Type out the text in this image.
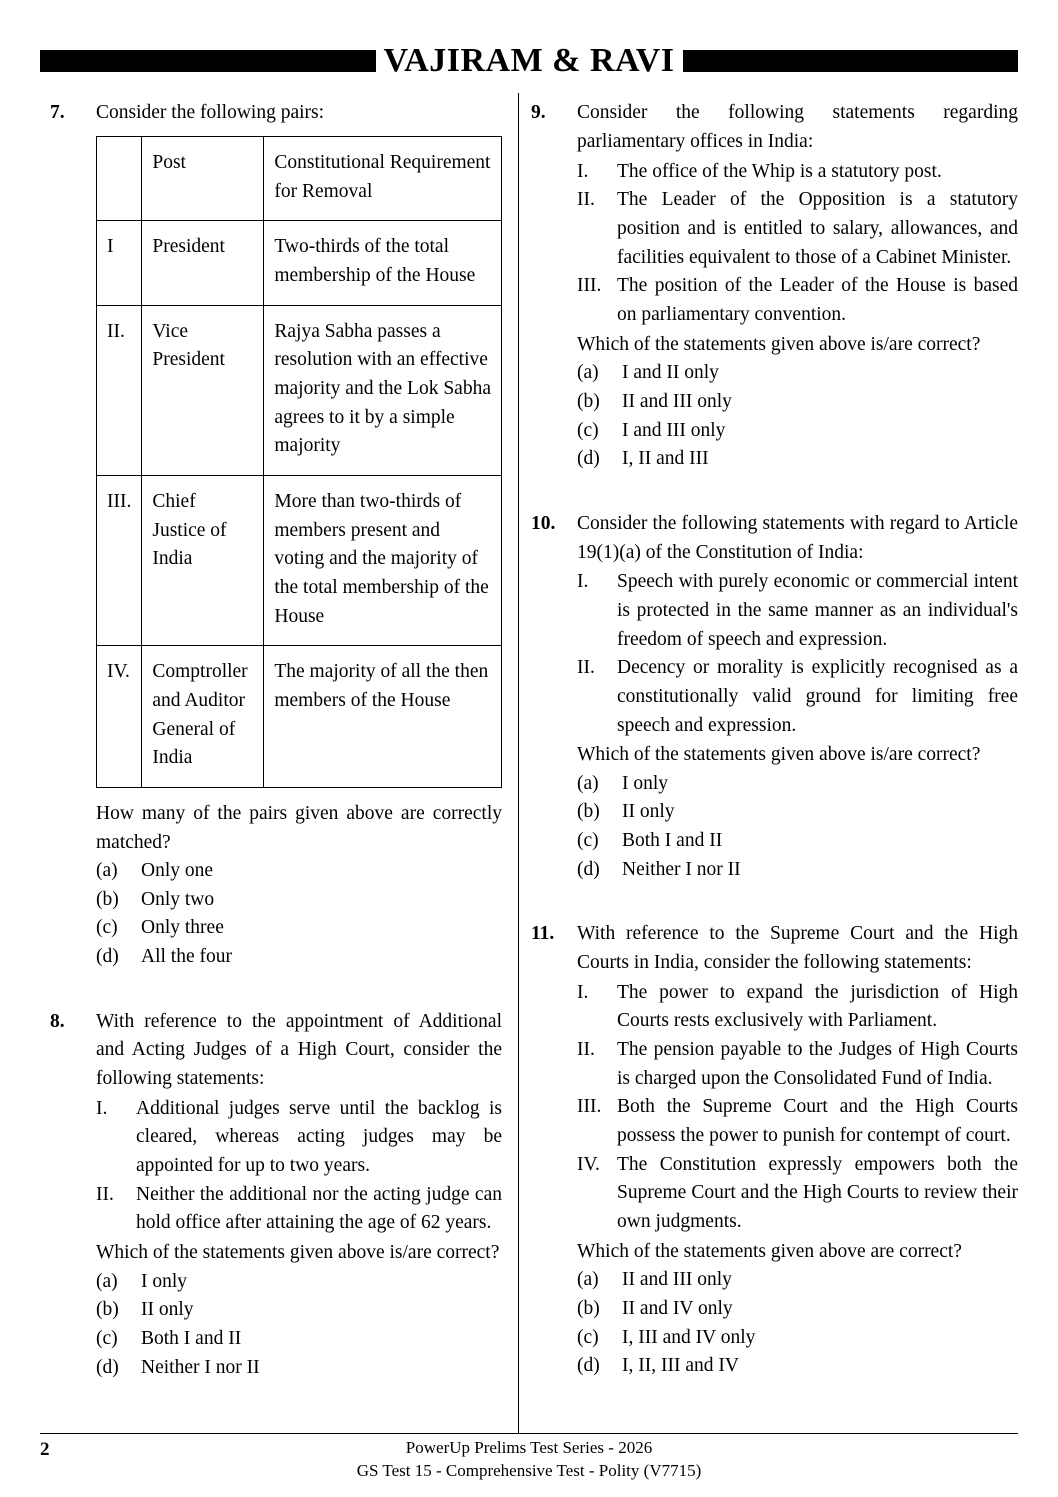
VAJIRAM & RAVI
7.	Consider the following pairs:

	Post	Constitutional Requirement for Removal
I	President	Two-thirds of the total membership of the House
II.	Vice President	Rajya Sabha passes a resolution with an effective majority and the Lok Sabha agrees to it by a simple majority
III.	Chief Justice of India	More than two-thirds of members present and voting and the majority of the total membership of the House
IV.	Comptroller and Auditor General of India	The majority of all the then members of the House

How many of the pairs given above are correctly matched?

(a)	Only one
(b)	Only two
(c)	Only three
(d)	All the four
8.	With reference to the appointment of Additional and Acting Judges of a High Court, consider the following statements:

I.	Additional judges serve until the backlog is cleared, whereas acting judges may be appointed for up to two years.
II.	Neither the additional nor the acting judge can hold office after attaining the age of 62 years.

Which of the statements given above is/are correct?

(a)	I only
(b)	II only
(c)	Both I and II
(d)	Neither I nor II
9.	Consider the following statements regarding parliamentary offices in India:

I.	The office of the Whip is a statutory post.
II.	The Leader of the Opposition is a statutory position and is entitled to salary, allowances, and facilities equivalent to those of a Cabinet Minister.
III. The position of the Leader of the House is based on parliamentary convention.

Which of the statements given above is/are correct?

(a)	I and II only
(b)	II and III only
(c)	I and III only
(d)	I, II and III
10.	Consider the following statements with regard to Article 19(1)(a) of the Constitution of India:

I.	Speech with purely economic or commercial intent is protected in the same manner as an individual's freedom of speech and expression.
II.	Decency or morality is explicitly recognised as a constitutionally valid ground for limiting free speech and expression.

Which of the statements given above is/are correct?

(a)	I only
(b)	II only
(c)	Both I and II
(d)	Neither I nor II
11.	With reference to the Supreme Court and the High Courts in India, consider the following statements:

I.	The power to expand the jurisdiction of High Courts rests exclusively with Parliament.
II.	The pension payable to the Judges of High Courts is charged upon the Consolidated Fund of India.
III. Both the Supreme Court and the High Courts possess the power to punish for contempt of court.
IV. The Constitution expressly empowers both the Supreme Court and the High Courts to review their own judgments.

Which of the statements given above are correct?

(a)	II and III only
(b)	II and IV only
(c)	I, III and IV only
(d)	I, II, III and IV
2	PowerUp Prelims Test Series - 2026
GS Test 15 - Comprehensive Test - Polity (V7715)
